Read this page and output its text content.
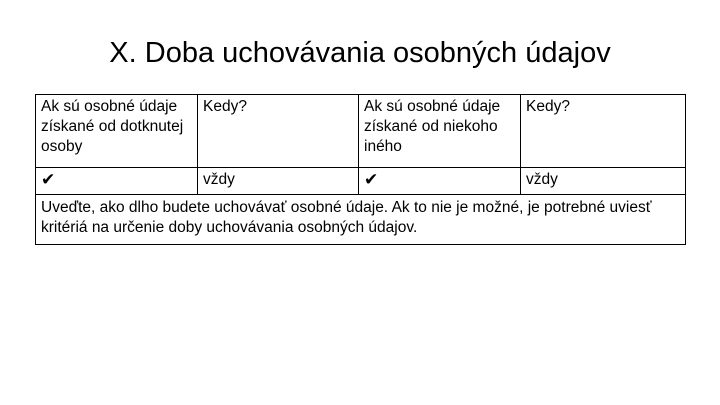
X. Doba uchovávania osobných údajov
Ak sú osobné údaje získané od dotknutej osoby	Kedy?	Ak sú osobné údaje získané od niekoho iného	Kedy?
✔	vždy	✔	vždy
Uveďte, ako dlho budete uchovávať osobné údaje. Ak to nie je možné, je potrebné uviesť kritériá na určenie doby uchovávania osobných údajov.			
